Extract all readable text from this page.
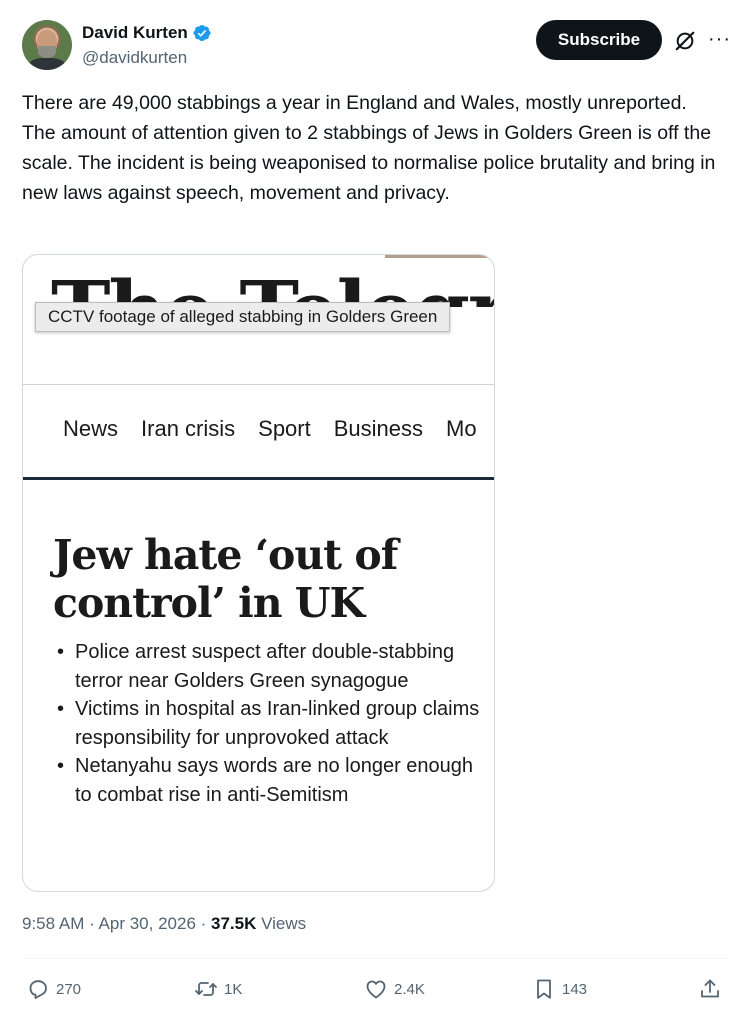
David Kurten
@davidkurten
Subscribe	···
There are 49,000 stabbings a year in England and Wales, mostly unreported. The amount of attention given to 2 stabbings of Jews in Golders Green is off the scale. The incident is being weaponised to normalise police brutality and bring in new laws against speech, movement and privacy.
CCTV footage of alleged stabbing in Golders Green
News Iran crisis Sport Business Mo
Jew hate ‘out of
control’ in UK
• Police arrest suspect after double-stabbing terror near Golders Green synagogue
• Victims in hospital as Iran-linked group claims responsibility for unprovoked attack
• Netanyahu says words are no longer enough to combat rise in anti-Semitism
9:58 AM · Apr 30, 2026 · 37.5K Views
270	1K	2.4K	143
